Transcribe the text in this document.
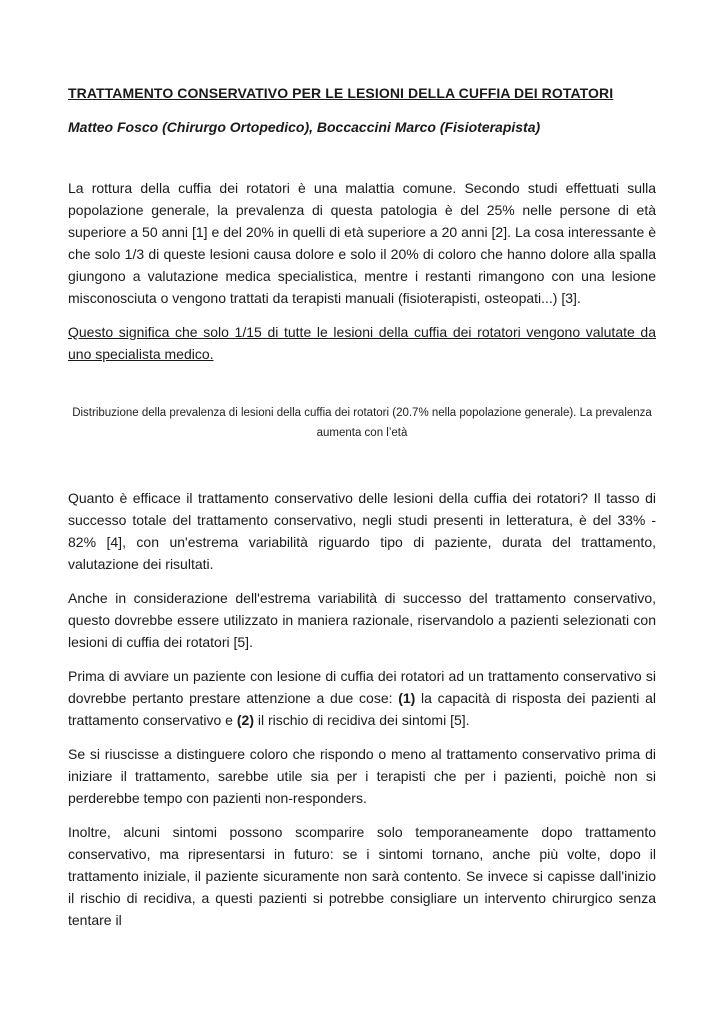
TRATTAMENTO CONSERVATIVO PER LE LESIONI DELLA CUFFIA DEI ROTATORI
Matteo Fosco (Chirurgo Ortopedico), Boccaccini Marco (Fisioterapista)

La rottura della cuffia dei rotatori è una malattia comune. Secondo studi effettuati sulla popolazione generale, la prevalenza di questa patologia è del 25% nelle persone di età superiore a 50 anni [1] e del 20% in quelli di età superiore a 20 anni [2]. La cosa interessante è che solo 1/3 di queste lesioni causa dolore e solo il 20% di coloro che hanno dolore alla spalla giungono a valutazione medica specialistica, mentre i restanti rimangono con una lesione misconosciuta o vengono trattati da terapisti manuali (fisioterapisti, osteopati...) [3].

Questo significa che solo 1/15 di tutte le lesioni della cuffia dei rotatori vengono valutate da uno specialista medico.

Distribuzione della prevalenza di lesioni della cuffia dei rotatori (20.7% nella popolazione generale). La prevalenza aumenta con l’età

Quanto è efficace il trattamento conservativo delle lesioni della cuffia dei rotatori? Il tasso di successo totale del trattamento conservativo, negli studi presenti in letteratura, è del 33% - 82% [4], con un'estrema variabilità riguardo tipo di paziente, durata del trattamento, valutazione dei risultati.

Anche in considerazione dell'estrema variabilità di successo del trattamento conservativo, questo dovrebbe essere utilizzato in maniera razionale, riservandolo a pazienti selezionati con lesioni di cuffia dei rotatori [5].

Prima di avviare un paziente con lesione di cuffia dei rotatori ad un trattamento conservativo si dovrebbe pertanto prestare attenzione a due cose: (1) la capacità di risposta dei pazienti al trattamento conservativo e (2) il rischio di recidiva dei sintomi [5].

Se si riuscisse a distinguere coloro che rispondo o meno al trattamento conservativo prima di iniziare il trattamento, sarebbe utile sia per i terapisti che per i pazienti, poichè non si perderebbe tempo con pazienti non-responders.

Inoltre, alcuni sintomi possono scomparire solo temporaneamente dopo trattamento conservativo, ma ripresentarsi in futuro: se i sintomi tornano, anche più volte, dopo il trattamento iniziale, il paziente sicuramente non sarà contento. Se invece si capisse dall'inizio il rischio di recidiva, a questi pazienti si potrebbe consigliare un intervento chirurgico senza tentare il
